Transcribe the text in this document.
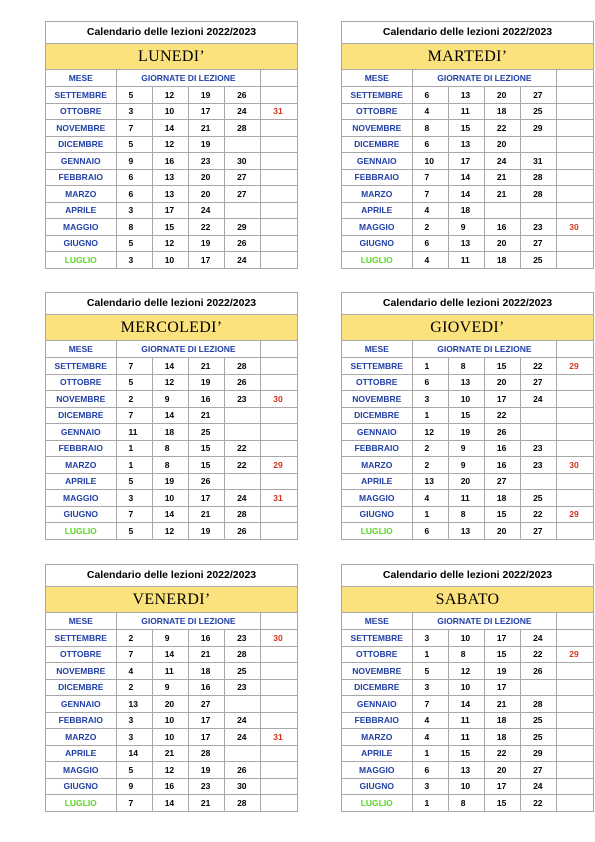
Calendario delle lezioni 2022/2023
LUNEDI’
MESE	GIORNATE DI LEZIONE				
SETTEMBRE	5	12	19	26	
OTTOBRE	3	10	17	24	31
NOVEMBRE	7	14	21	28	
DICEMBRE	5	12	19		
GENNAIO	9	16	23	30	
FEBBRAIO	6	13	20	27	
MARZO	6	13	20	27	
APRILE	3	17	24		
MAGGIO	8	15	22	29	
GIUGNO	5	12	19	26	
LUGLIO	3	10	17	24	
Calendario delle lezioni 2022/2023
MARTEDI’
MESE	GIORNATE DI LEZIONE				
SETTEMBRE	6	13	20	27	
OTTOBRE	4	11	18	25	
NOVEMBRE	8	15	22	29	
DICEMBRE	6	13	20		
GENNAIO	10	17	24	31	
FEBBRAIO	7	14	21	28	
MARZO	7	14	21	28	
APRILE	4	18			
MAGGIO	2	9	16	23	30
GIUGNO	6	13	20	27	
LUGLIO	4	11	18	25	
Calendario delle lezioni 2022/2023
MERCOLEDI’
MESE	GIORNATE DI LEZIONE				
SETTEMBRE	7	14	21	28	
OTTOBRE	5	12	19	26	
NOVEMBRE	2	9	16	23	30
DICEMBRE	7	14	21		
GENNAIO	11	18	25		
FEBBRAIO	1	8	15	22	
MARZO	1	8	15	22	29
APRILE	5	19	26		
MAGGIO	3	10	17	24	31
GIUGNO	7	14	21	28	
LUGLIO	5	12	19	26	
Calendario delle lezioni 2022/2023
GIOVEDI’
MESE	GIORNATE DI LEZIONE				
SETTEMBRE	1	8	15	22	29
OTTOBRE	6	13	20	27	
NOVEMBRE	3	10	17	24	
DICEMBRE	1	15	22		
GENNAIO	12	19	26		
FEBBRAIO	2	9	16	23	
MARZO	2	9	16	23	30
APRILE	13	20	27		
MAGGIO	4	11	18	25	
GIUGNO	1	8	15	22	29
LUGLIO	6	13	20	27	
Calendario delle lezioni 2022/2023
VENERDI’
MESE	GIORNATE DI LEZIONE				
SETTEMBRE	2	9	16	23	30
OTTOBRE	7	14	21	28	
NOVEMBRE	4	11	18	25	
DICEMBRE	2	9	16	23	
GENNAIO	13	20	27		
FEBBRAIO	3	10	17	24	
MARZO	3	10	17	24	31
APRILE	14	21	28		
MAGGIO	5	12	19	26	
GIUGNO	9	16	23	30	
LUGLIO	7	14	21	28	
Calendario delle lezioni 2022/2023
SABATO
MESE	GIORNATE DI LEZIONE				
SETTEMBRE	3	10	17	24	
OTTOBRE	1	8	15	22	29
NOVEMBRE	5	12	19	26	
DICEMBRE	3	10	17		
GENNAIO	7	14	21	28	
FEBBRAIO	4	11	18	25	
MARZO	4	11	18	25	
APRILE	1	15	22	29	
MAGGIO	6	13	20	27	
GIUGNO	3	10	17	24	
LUGLIO	1	8	15	22	
